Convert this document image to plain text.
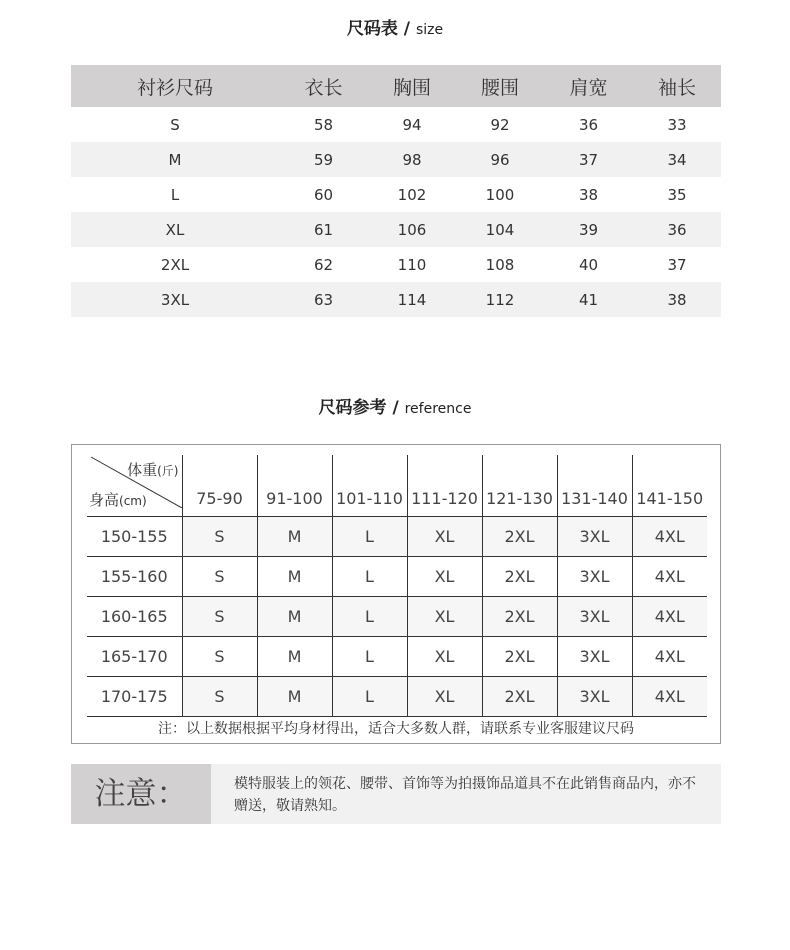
尺码表 / size
衬衫尺码	衣长	胸围	腰围	肩宽	袖长	
S	58	94	92	36	33	
M	59	98	96	37	34	
L	60	102	100	38	35	
XL	61	106	104	39	36	
2XL	62	110	108	40	37	
3XL	63	114	112	41	38	
尺码参考 / reference
体重(斤)
身高(cm)	75-90	91-100	101-110	111-120	121-130	131-140	141-150
150-155	S	M	L	XL	2XL	3XL	4XL
155-160	S	M	L	XL	2XL	3XL	4XL
160-165	S	M	L	XL	2XL	3XL	4XL
165-170	S	M	L	XL	2XL	3XL	4XL
170-175	S	M	L	XL	2XL	3XL	4XL
注：以上数据根据平均身材得出，适合大多数人群，请联系专业客服建议尺码
注意：	模特服装上的领花、腰带、首饰等为拍摄饰品道具不在此销售商品内，亦不赠送，敬请熟知。
